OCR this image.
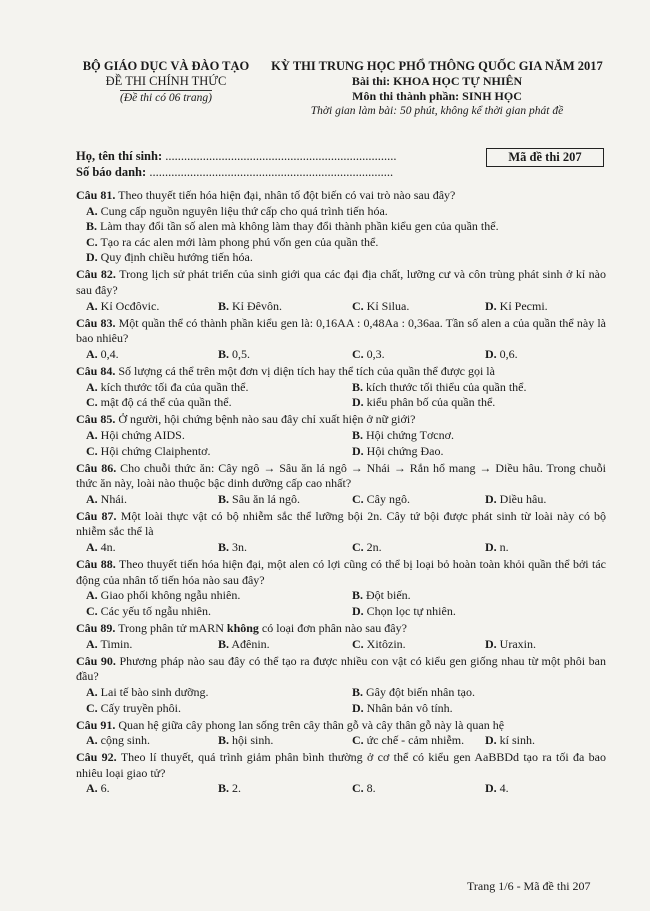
BỘ GIÁO DỤC VÀ ĐÀO TẠO
ĐỀ THI CHÍNH THỨC
(Đề thi có 06 trang)
KỲ THI TRUNG HỌC PHỔ THÔNG QUỐC GIA NĂM 2017
Bài thi: KHOA HỌC TỰ NHIÊN
Môn thi thành phần: SINH HỌC
Thời gian làm bài: 50 phút, không kể thời gian phát đề
Họ, tên thí sinh: ..........................................................................
Số báo danh: ..............................................................................
Mã đề thi 207
Câu 81. Theo thuyết tiến hóa hiện đại, nhân tố đột biến có vai trò nào sau đây?
A. Cung cấp nguồn nguyên liệu thứ cấp cho quá trình tiến hóa.
B. Làm thay đổi tần số alen mà không làm thay đổi thành phần kiểu gen của quần thể.
C. Tạo ra các alen mới làm phong phú vốn gen của quần thể.
D. Quy định chiều hướng tiến hóa.
Câu 82. Trong lịch sử phát triển của sinh giới qua các đại địa chất, lưỡng cư và côn trùng phát sinh ở kỉ nào sau đây?
A. Kỉ Ocđôvic.	B. Kỉ Đêvôn.	C. Kỉ Silua.	D. Kỉ Pecmi.
Câu 83. Một quần thể có thành phần kiểu gen là: 0,16AA : 0,48Aa : 0,36aa. Tần số alen a của quần thể này là bao nhiêu?
A. 0,4.	B. 0,5.	C. 0,3.	D. 0,6.
Câu 84. Số lượng cá thể trên một đơn vị diện tích hay thể tích của quần thể được gọi là
A. kích thước tối đa của quần thể.	B. kích thước tối thiểu của quần thể.
C. mật độ cá thể của quần thể.	D. kiểu phân bố của quần thể.
Câu 85. Ở người, hội chứng bệnh nào sau đây chỉ xuất hiện ở nữ giới?
A. Hội chứng AIDS.	B. Hội chứng Tơcnơ.
C. Hội chứng Claiphentơ.	D. Hội chứng Đao.
Câu 86. Cho chuỗi thức ăn: Cây ngô → Sâu ăn lá ngô → Nhái → Rắn hổ mang → Diều hâu. Trong chuỗi thức ăn này, loài nào thuộc bậc dinh dưỡng cấp cao nhất?
A. Nhái.	B. Sâu ăn lá ngô.	C. Cây ngô.	D. Diều hâu.
Câu 87. Một loài thực vật có bộ nhiễm sắc thể lưỡng bội 2n. Cây tứ bội được phát sinh từ loài này có bộ nhiễm sắc thể là
A. 4n.	B. 3n.	C. 2n.	D. n.
Câu 88. Theo thuyết tiến hóa hiện đại, một alen có lợi cũng có thể bị loại bỏ hoàn toàn khỏi quần thể bởi tác động của nhân tố tiến hóa nào sau đây?
A. Giao phối không ngẫu nhiên.	B. Đột biến.
C. Các yếu tố ngẫu nhiên.	D. Chọn lọc tự nhiên.
Câu 89. Trong phân tử mARN không có loại đơn phân nào sau đây?
A. Timin.	B. Ađênin.	C. Xitôzin.	D. Uraxin.
Câu 90. Phương pháp nào sau đây có thể tạo ra được nhiều con vật có kiểu gen giống nhau từ một phôi ban đầu?
A. Lai tế bào sinh dưỡng.	B. Gây đột biến nhân tạo.
C. Cấy truyền phôi.	D. Nhân bản vô tính.
Câu 91. Quan hệ giữa cây phong lan sống trên cây thân gỗ và cây thân gỗ này là quan hệ
A. cộng sinh.	B. hội sinh.	C. ức chế - cảm nhiễm. D. kí sinh.
Câu 92. Theo lí thuyết, quá trình giảm phân bình thường ở cơ thể có kiểu gen AaBBDd tạo ra tối đa bao nhiêu loại giao tử?
A. 6.	B. 2.	C. 8.	D. 4.
Trang 1/6 - Mã đề thi 207
